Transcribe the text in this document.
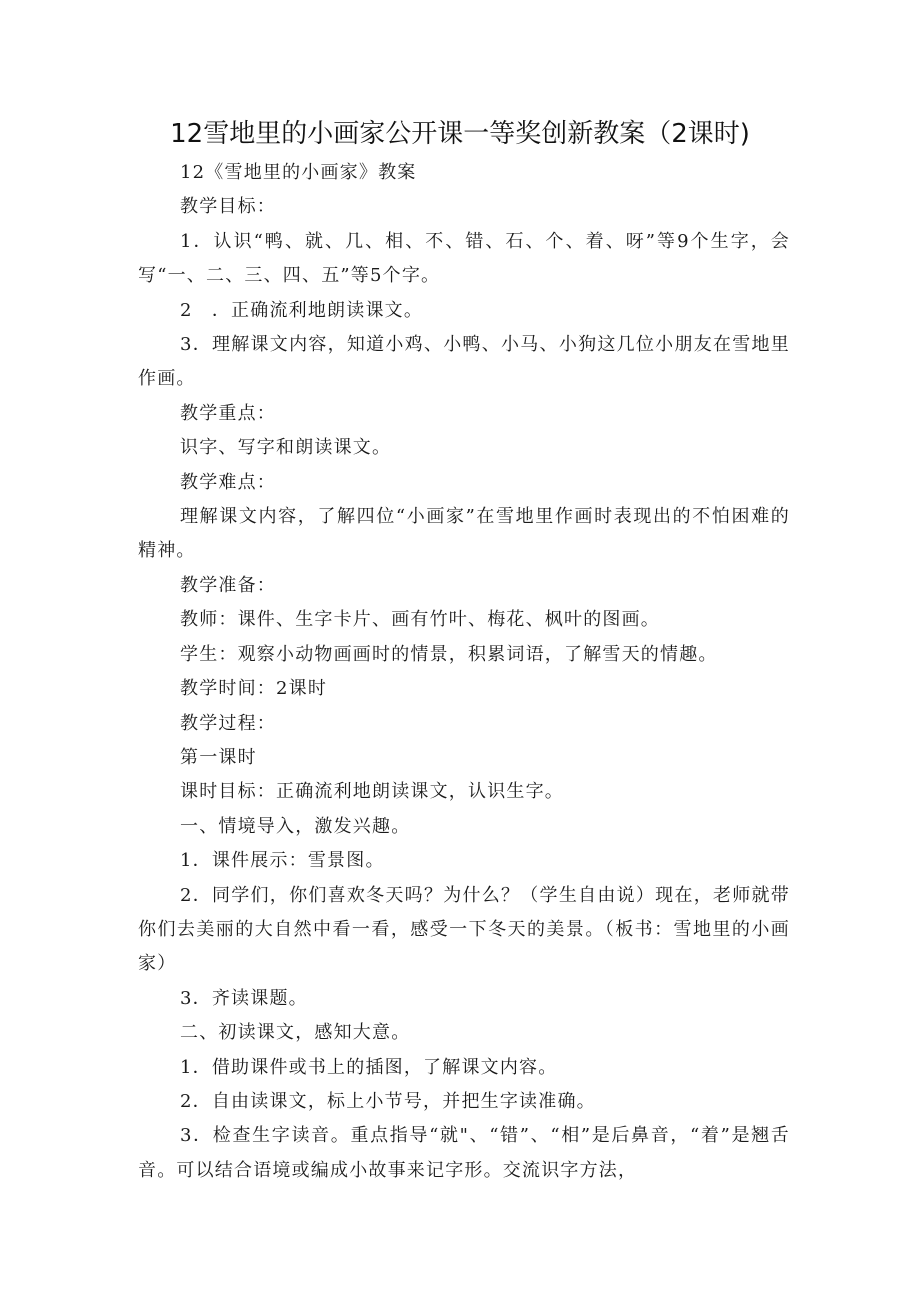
12雪地里的小画家公开课一等奖创新教案（2课时)

12《雪地里的小画家》教案

教学目标：

1．认识“鸭、就、几、相、不、错、石、个、着、呀”等9个生字，会写“一、二、三、四、五”等5个字。

2　．正确流利地朗读课文。

3．理解课文内容，知道小鸡、小鸭、小马、小狗这几位小朋友在雪地里作画。

教学重点：

识字、写字和朗读课文。

教学难点：

理解课文内容，了解四位“小画家”在雪地里作画时表现出的不怕困难的精神。

教学准备：

教师：课件、生字卡片、画有竹叶、梅花、枫叶的图画。

学生：观察小动物画画时的情景，积累词语，了解雪天的情趣。

教学时间：2课时

教学过程：

第一课时

课时目标：正确流利地朗读课文，认识生字。

一、情境导入，激发兴趣。

1．课件展示：雪景图。

2．同学们，你们喜欢冬天吗？为什么？（学生自由说）现在，老师就带你们去美丽的大自然中看一看，感受一下冬天的美景。（板书：雪地里的小画家）

3．齐读课题。

二、初读课文，感知大意。

1．借助课件或书上的插图，了解课文内容。

2．自由读课文，标上小节号，并把生字读准确。

3．检查生字读音。重点指导“就"、“错”、“相”是后鼻音，“着”是翘舌音。可以结合语境或编成小故事来记字形。交流识字方法，
